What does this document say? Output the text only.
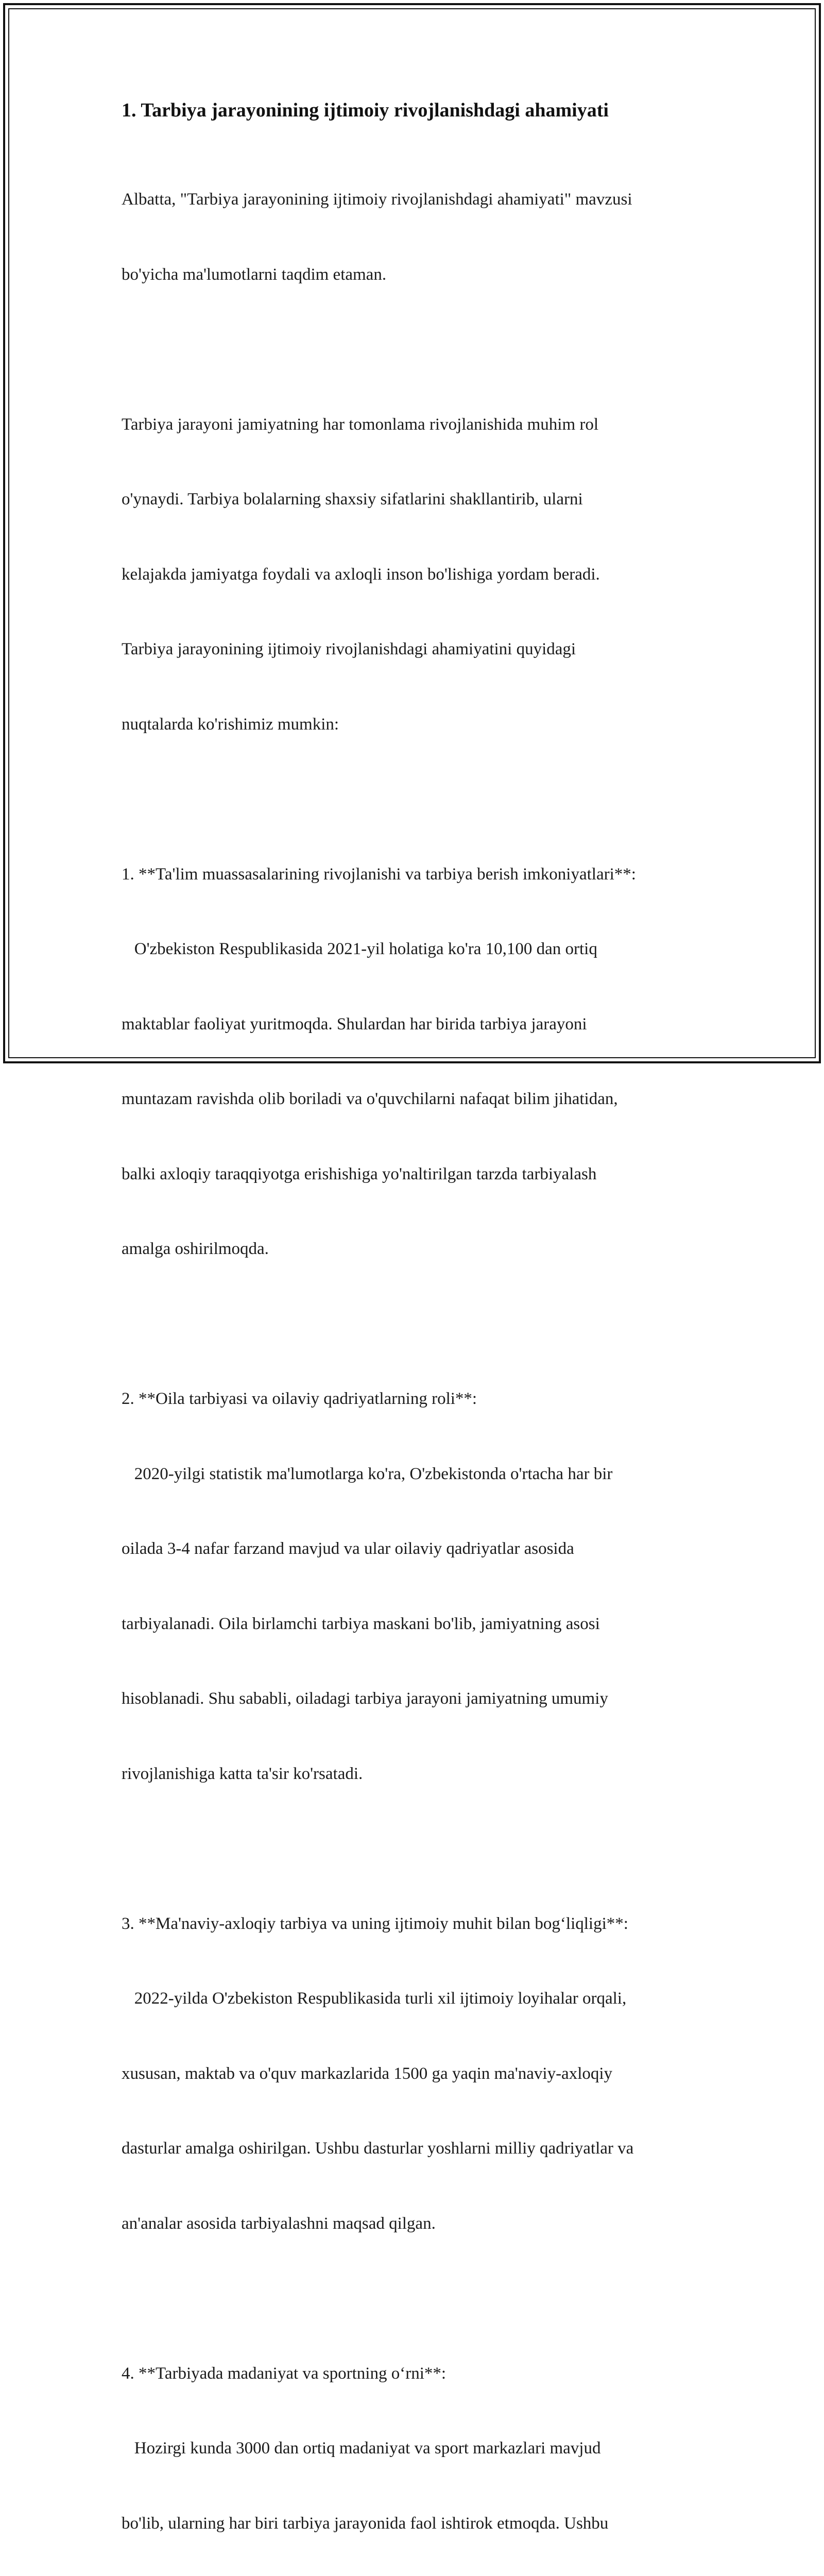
1. Tarbiya jarayonining ijtimoiy rivojlanishdagi ahamiyati

Albatta, "Tarbiya jarayonining ijtimoiy rivojlanishdagi ahamiyati" mavzusi

bo'yicha ma'lumotlarni taqdim etaman.

Tarbiya jarayoni jamiyatning har tomonlama rivojlanishida muhim rol

o'ynaydi. Tarbiya bolalarning shaxsiy sifatlarini shakllantirib, ularni

kelajakda jamiyatga foydali va axloqli inson bo'lishiga yordam beradi.

Tarbiya jarayonining ijtimoiy rivojlanishdagi ahamiyatini quyidagi

nuqtalarda ko'rishimiz mumkin:

1. **Ta'lim muassasalarining rivojlanishi va tarbiya berish imkoniyatlari**:

O'zbekiston Respublikasida 2021-yil holatiga ko'ra 10,100 dan ortiq

maktablar faoliyat yuritmoqda. Shulardan har birida tarbiya jarayoni

muntazam ravishda olib boriladi va o'quvchilarni nafaqat bilim jihatidan,

balki axloqiy taraqqiyotga erishishiga yo'naltirilgan tarzda tarbiyalash

amalga oshirilmoqda.

2. **Oila tarbiyasi va oilaviy qadriyatlarning roli**:

2020-yilgi statistik ma'lumotlarga ko'ra, O'zbekistonda o'rtacha har bir

oilada 3-4 nafar farzand mavjud va ular oilaviy qadriyatlar asosida

tarbiyalanadi. Oila birlamchi tarbiya maskani bo'lib, jamiyatning asosi

hisoblanadi. Shu sababli, oiladagi tarbiya jarayoni jamiyatning umumiy

rivojlanishiga katta ta'sir ko'rsatadi.

3. **Ma'naviy-axloqiy tarbiya va uning ijtimoiy muhit bilan bog‘liqligi**:

2022-yilda O'zbekiston Respublikasida turli xil ijtimoiy loyihalar orqali,

xususan, maktab va o'quv markazlarida 1500 ga yaqin ma'naviy-axloqiy

dasturlar amalga oshirilgan. Ushbu dasturlar yoshlarni milliy qadriyatlar va

an'analar asosida tarbiyalashni maqsad qilgan.

4. **Tarbiyada madaniyat va sportning o‘rni**:

Hozirgi kunda 3000 dan ortiq madaniyat va sport markazlari mavjud

bo'lib, ularning har biri tarbiya jarayonida faol ishtirok etmoqda. Ushbu
